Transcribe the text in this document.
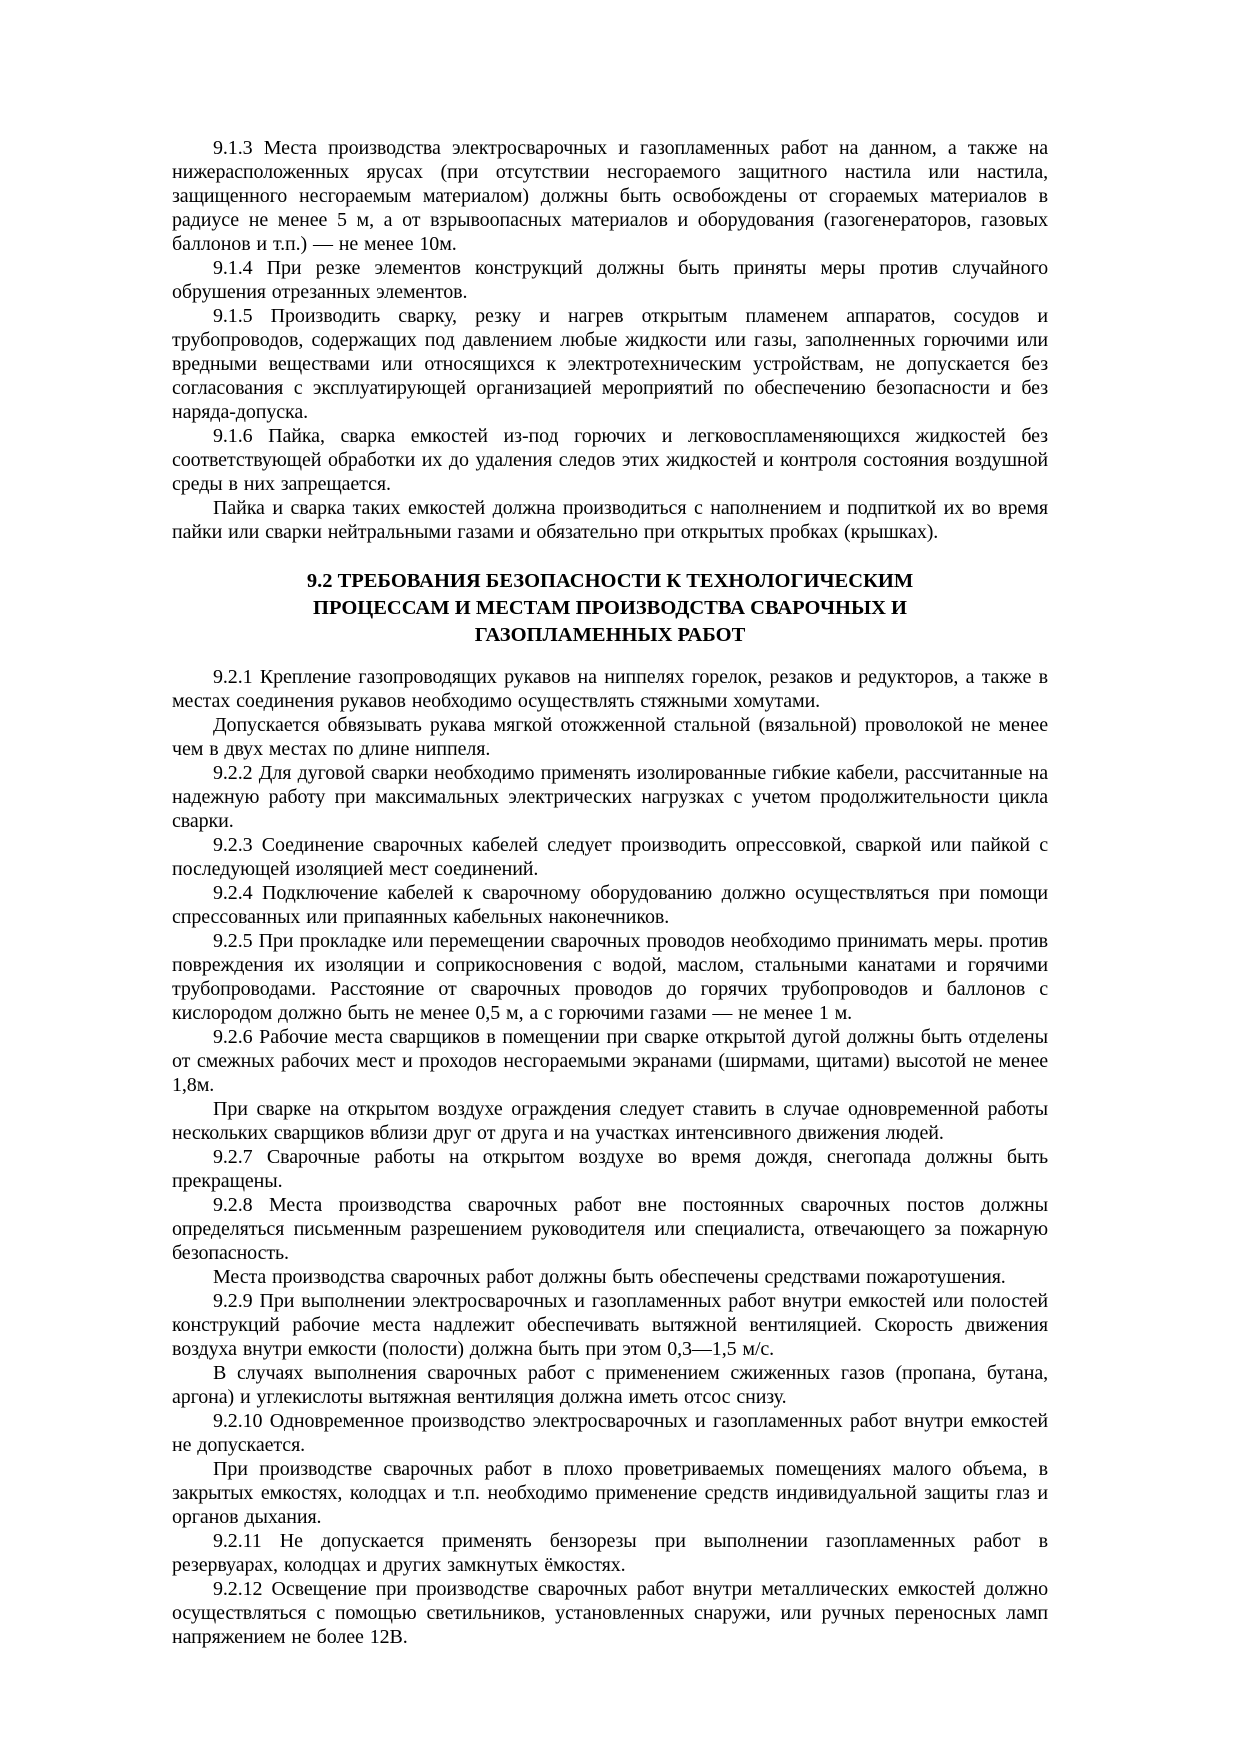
9.1.3 Места производства электросварочных и газопламенных работ на данном, а также на нижерасположенных ярусах (при отсутствии несгораемого защитного настила или настила, защищенного несгораемым материалом) должны быть освобождены от сгораемых материалов в радиусе не менее 5 м, а от взрывоопасных материалов и оборудования (газогенераторов, газовых баллонов и т.п.) — не менее 10м.

9.1.4 При резке элементов конструкций должны быть приняты меры против случайного обрушения отрезанных элементов.

9.1.5 Производить сварку, резку и нагрев открытым пламенем аппаратов, сосудов и трубопроводов, содержащих под давлением любые жидкости или газы, заполненных горючими или вредными веществами или относящихся к электротехническим устройствам, не допускается без согласования с эксплуатирующей организацией мероприятий по обеспечению безопасности и без наряда-допуска.

9.1.6 Пайка, сварка емкостей из-под горючих и легковоспламеняющихся жидкостей без соответствующей обработки их до удаления следов этих жидкостей и контроля состояния воздушной среды в них запрещается.

Пайка и сварка таких емкостей должна производиться с наполнением и подпиткой их во время пайки или сварки нейтральными газами и обязательно при открытых пробках (крышках).

9.2 ТРЕБОВАНИЯ БЕЗОПАСНОСТИ К ТЕХНОЛОГИЧЕСКИМ
ПРОЦЕССАМ И МЕСТАМ ПРОИЗВОДСТВА СВАРОЧНЫХ И
ГАЗОПЛАМЕННЫХ РАБОТ

9.2.1 Крепление газопроводящих рукавов на ниппелях горелок, резаков и редукторов, а также в местах соединения рукавов необходимо осуществлять стяжными хомутами.

Допускается обвязывать рукава мягкой отожженной стальной (вязальной) проволокой не менее чем в двух местах по длине ниппеля.

9.2.2 Для дуговой сварки необходимо применять изолированные гибкие кабели, рассчитанные на надежную работу при максимальных электрических нагрузках с учетом продолжительности цикла сварки.

9.2.3 Соединение сварочных кабелей следует производить опрессовкой, сваркой или пайкой с последующей изоляцией мест соединений.

9.2.4 Подключение кабелей к сварочному оборудованию должно осуществляться при помощи спрессованных или припаянных кабельных наконечников.

9.2.5 При прокладке или перемещении сварочных проводов необходимо принимать меры. против повреждения их изоляции и соприкосновения с водой, маслом, стальными канатами и горячими трубопроводами. Расстояние от сварочных проводов до горячих трубопроводов и баллонов с кислородом должно быть не менее 0,5 м, а с горючими газами — не менее 1 м.

9.2.6 Рабочие места сварщиков в помещении при сварке открытой дугой должны быть отделены от смежных рабочих мест и проходов несгораемыми экранами (ширмами, щитами) высотой не менее 1,8м.

При сварке на открытом воздухе ограждения следует ставить в случае одновременной работы нескольких сварщиков вблизи друг от друга и на участках интенсивного движения людей.

9.2.7 Сварочные работы на открытом воздухе во время дождя, снегопада должны быть прекращены.

9.2.8 Места производства сварочных работ вне постоянных сварочных постов должны определяться письменным разрешением руководителя или специалиста, отвечающего за пожарную безопасность.

Места производства сварочных работ должны быть обеспечены средствами пожаротушения.

9.2.9 При выполнении электросварочных и газопламенных работ внутри емкостей или полостей конструкций рабочие места надлежит обеспечивать вытяжной вентиляцией. Скорость движения воздуха внутри емкости (полости) должна быть при этом 0,3—1,5 м/с.

В случаях выполнения сварочных работ с применением сжиженных газов (пропана, бутана, аргона) и углекислоты вытяжная вентиляция должна иметь отсос снизу.

9.2.10 Одновременное производство электросварочных и газопламенных работ внутри емкостей не допускается.

При производстве сварочных работ в плохо проветриваемых помещениях малого объема, в закрытых емкостях, колодцах и т.п. необходимо применение средств индивидуальной защиты глаз и органов дыхания.

9.2.11 Не допускается применять бензорезы при выполнении газопламенных работ в резервуарах, колодцах и других замкнутых ёмкостях.

9.2.12 Освещение при производстве сварочных работ внутри металлических емкостей должно осуществляться с помощью светильников, установленных снаружи, или ручных переносных ламп напряжением не более 12В.
